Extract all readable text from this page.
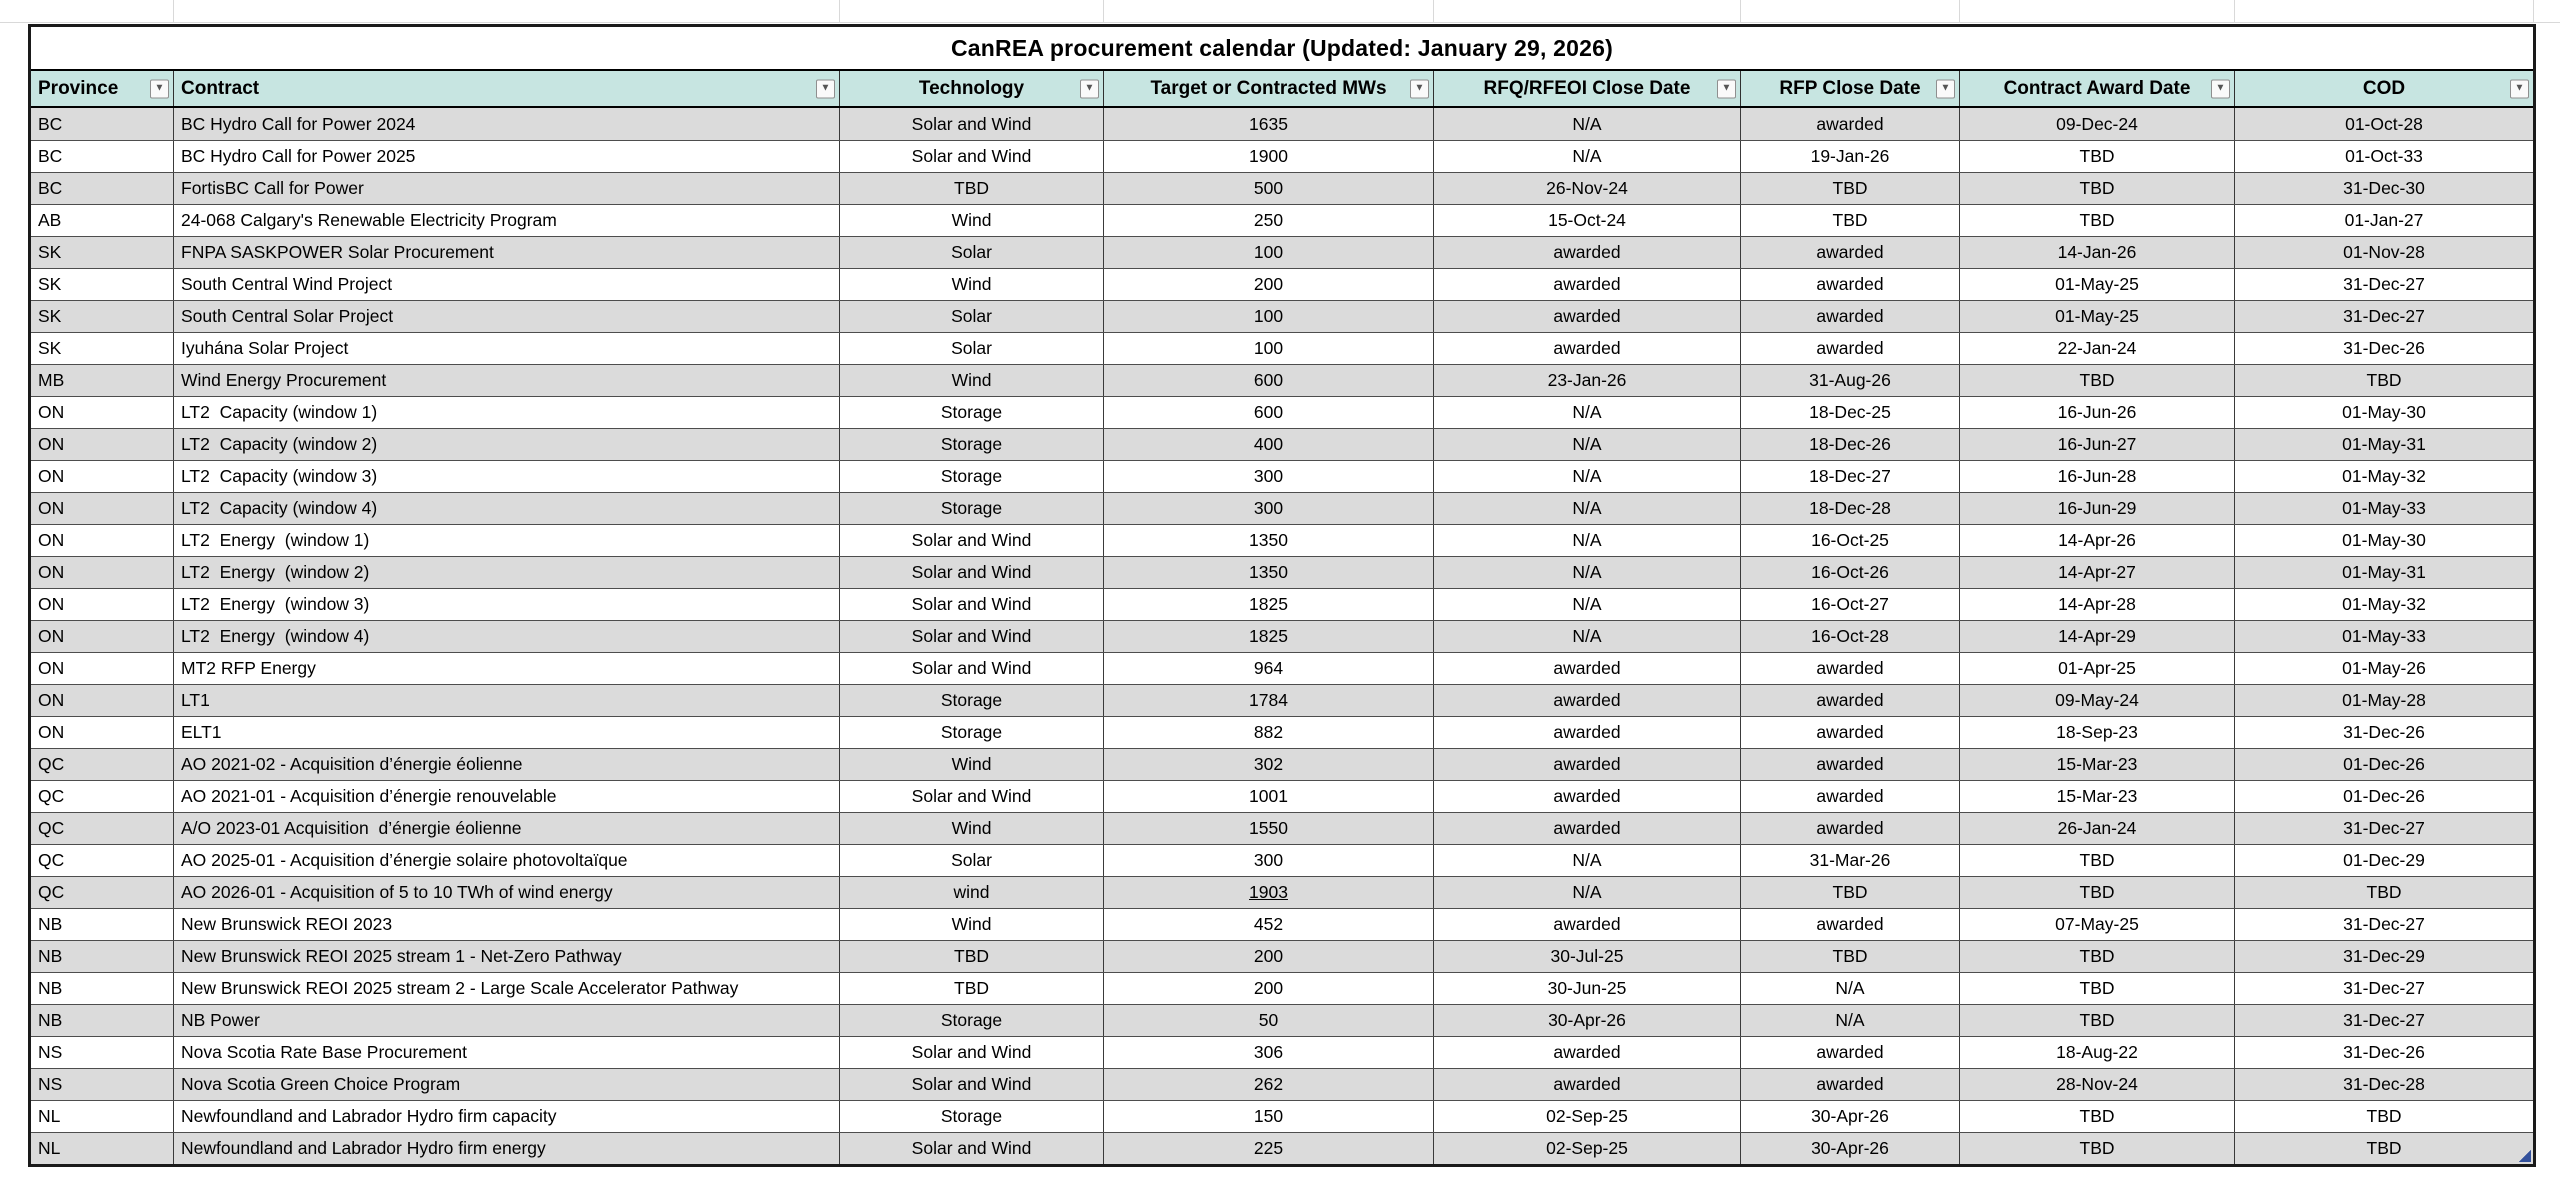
CanREA procurement calendar (Updated: January 29, 2026)
Province	▼ Contract	▼	Technology	▼	Target or Contracted MWs	▼	RFQ/RFEOI Close Date	▼	RFP Close Date ▼	Contract Award Date	▼	COD	▼
BC	BC Hydro Call for Power 2024	Solar and Wind	1635	N/A	awarded	09-Dec-24	01-Oct-28
BC	BC Hydro Call for Power 2025	Solar and Wind	1900	N/A	19-Jan-26	TBD	01-Oct-33
BC	FortisBC Call for Power	TBD	500	26-Nov-24	TBD	TBD	31-Dec-30
AB	24-068 Calgary's Renewable Electricity Program	Wind	250	15-Oct-24	TBD	TBD	01-Jan-27
SK	FNPA SASKPOWER Solar Procurement	Solar	100	awarded	awarded	14-Jan-26	01-Nov-28
SK	South Central Wind Project	Wind	200	awarded	awarded	01-May-25	31-Dec-27
SK	South Central Solar Project	Solar	100	awarded	awarded	01-May-25	31-Dec-27
SK	Iyuhána Solar Project	Solar	100	awarded	awarded	22-Jan-24	31-Dec-26
MB	Wind Energy Procurement	Wind	600	23-Jan-26	31-Aug-26	TBD	TBD
ON	LT2  Capacity (window 1)	Storage	600	N/A	18-Dec-25	16-Jun-26	01-May-30
ON	LT2  Capacity (window 2)	Storage	400	N/A	18-Dec-26	16-Jun-27	01-May-31
ON	LT2  Capacity (window 3)	Storage	300	N/A	18-Dec-27	16-Jun-28	01-May-32
ON	LT2  Capacity (window 4)	Storage	300	N/A	18-Dec-28	16-Jun-29	01-May-33
ON	LT2  Energy  (window 1)	Solar and Wind	1350	N/A	16-Oct-25	14-Apr-26	01-May-30
ON	LT2  Energy  (window 2)	Solar and Wind	1350	N/A	16-Oct-26	14-Apr-27	01-May-31
ON	LT2  Energy  (window 3)	Solar and Wind	1825	N/A	16-Oct-27	14-Apr-28	01-May-32
ON	LT2  Energy  (window 4)	Solar and Wind	1825	N/A	16-Oct-28	14-Apr-29	01-May-33
ON	MT2 RFP Energy	Solar and Wind	964	awarded	awarded	01-Apr-25	01-May-26
ON	LT1	Storage	1784	awarded	awarded	09-May-24	01-May-28
ON	ELT1	Storage	882	awarded	awarded	18-Sep-23	31-Dec-26
QC	AO 2021-02 - Acquisition d’énergie éolienne	Wind	302	awarded	awarded	15-Mar-23	01-Dec-26
QC	AO 2021-01 - Acquisition d’énergie renouvelable	Solar and Wind	1001	awarded	awarded	15-Mar-23	01-Dec-26
QC	A/O 2023-01 Acquisition  d’énergie éolienne	Wind	1550	awarded	awarded	26-Jan-24	31-Dec-27
QC	AO 2025-01 - Acquisition d’énergie solaire photovoltaïque	Solar	300	N/A	31-Mar-26	TBD	01-Dec-29
QC	AO 2026-01 - Acquisition of 5 to 10 TWh of wind energy	wind	1903	N/A	TBD	TBD	TBD
NB	New Brunswick REOI 2023	Wind	452	awarded	awarded	07-May-25	31-Dec-27
NB	New Brunswick REOI 2025 stream 1 - Net-Zero Pathway	TBD	200	30-Jul-25	TBD	TBD	31-Dec-29
NB	New Brunswick REOI 2025 stream 2 - Large Scale Accelerator Pathway	TBD	200	30-Jun-25	N/A	TBD	31-Dec-27
NB	NB Power	Storage	50	30-Apr-26	N/A	TBD	31-Dec-27
NS	Nova Scotia Rate Base Procurement	Solar and Wind	306	awarded	awarded	18-Aug-22	31-Dec-26
NS	Nova Scotia Green Choice Program	Solar and Wind	262	awarded	awarded	28-Nov-24	31-Dec-28
NL	Newfoundland and Labrador Hydro firm capacity	Storage	150	02-Sep-25	30-Apr-26	TBD	TBD
NL	Newfoundland and Labrador Hydro firm energy	Solar and Wind	225	02-Sep-25	30-Apr-26	TBD	TBD
